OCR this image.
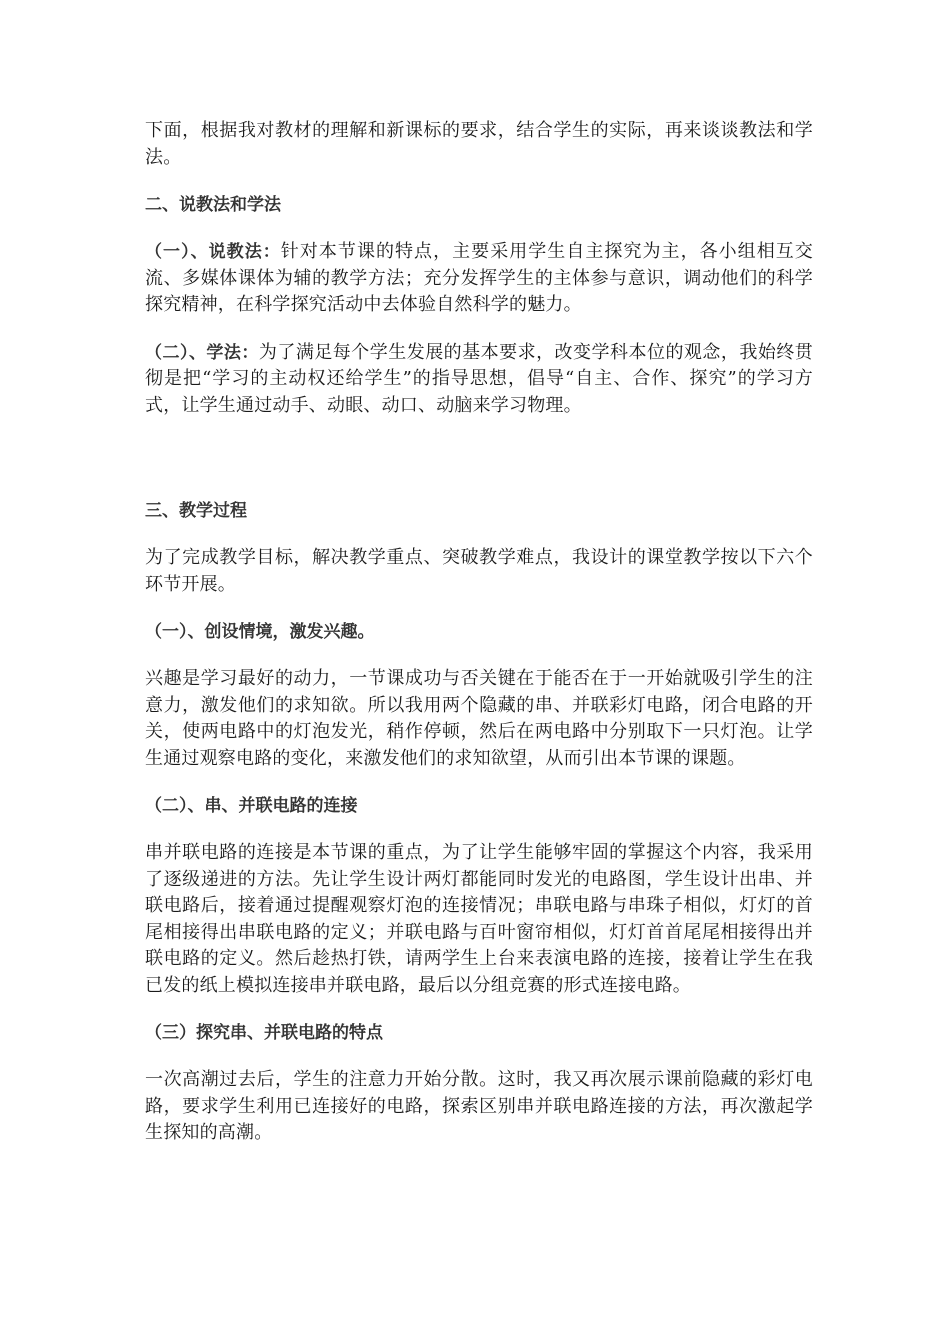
下面，根据我对教材的理解和新课标的要求，结合学生的实际，再来谈谈教法和学法。

二、说教法和学法

（一）、说教法：针对本节课的特点，主要采用学生自主探究为主，各小组相互交流、多媒体课体为辅的教学方法；充分发挥学生的主体参与意识，调动他们的科学探究精神，在科学探究活动中去体验自然科学的魅力。

（二）、学法：为了满足每个学生发展的基本要求，改变学科本位的观念，我始终贯彻是把“学习的主动权还给学生”的指导思想，倡导“自主、合作、探究”的学习方式，让学生通过动手、动眼、动口、动脑来学习物理。

三、教学过程

为了完成教学目标，解决教学重点、突破教学难点，我设计的课堂教学按以下六个环节开展。

（一）、创设情境，激发兴趣。

兴趣是学习最好的动力，一节课成功与否关键在于能否在于一开始就吸引学生的注意力，激发他们的求知欲。所以我用两个隐藏的串、并联彩灯电路，闭合电路的开关，使两电路中的灯泡发光，稍作停顿，然后在两电路中分别取下一只灯泡。让学生通过观察电路的变化，来激发他们的求知欲望，从而引出本节课的课题。

（二）、串、并联电路的连接

串并联电路的连接是本节课的重点，为了让学生能够牢固的掌握这个内容，我采用了逐级递进的方法。先让学生设计两灯都能同时发光的电路图，学生设计出串、并联电路后，接着通过提醒观察灯泡的连接情况；串联电路与串珠子相似，灯灯的首尾相接得出串联电路的定义；并联电路与百叶窗帘相似，灯灯首首尾尾相接得出并联电路的定义。然后趁热打铁，请两学生上台来表演电路的连接，接着让学生在我已发的纸上模拟连接串并联电路，最后以分组竞赛的形式连接电路。

（三）探究串、并联电路的特点

一次高潮过去后，学生的注意力开始分散。这时，我又再次展示课前隐藏的彩灯电路，要求学生利用已连接好的电路，探索区别串并联电路连接的方法，再次激起学生探知的高潮。
